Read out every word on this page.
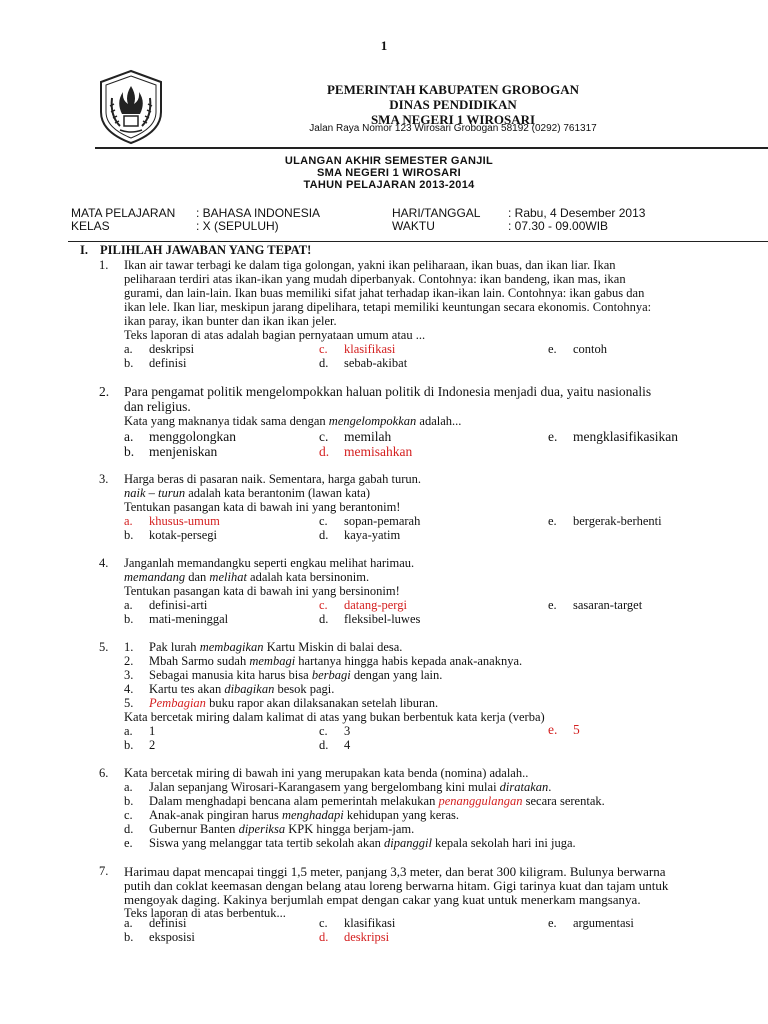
1
PEMERINTAH KABUPATEN GROBOGAN
DINAS PENDIDIKAN
SMA NEGERI 1 WIROSARI
Jalan Raya Nomor 123 Wirosari Grobogan 58192 (0292) 761317
ULANGAN AKHIR SEMESTER GANJIL
SMA NEGERI 1 WIROSARI
TAHUN PELAJARAN 2013-2014
MATA PELAJARAN : BAHASA INDONESIA	HARI/TANGGAL : Rabu, 4 Desember 2013
KELAS	: X (SEPULUH)	WAKTU	: 07.30 - 09.00WIB
I. PILIHLAH JAWABAN YANG TEPAT!
1. Ikan air tawar terbagi ke dalam tiga golongan, yakni ikan peliharaan, ikan buas, dan ikan liar. Ikan
peliharaan terdiri atas ikan-ikan yang mudah diperbanyak. Contohnya: ikan bandeng, ikan mas, ikan
gurami, dan lain-lain. Ikan buas memiliki sifat jahat terhadap ikan-ikan lain. Contohnya: ikan gabus dan
ikan lele. Ikan liar, meskipun jarang dipelihara, tetapi memiliki keuntungan secara ekonomis. Contohnya:
ikan paray, ikan bunter dan ikan ikan jeler.
Teks laporan di atas adalah bagian pernyataan umum atau ...
a. deskripsi	c. klasifikasi	e. contoh
b. definisi	d. sebab-akibat
2. Para pengamat politik mengelompokkan haluan politik di Indonesia menjadi dua, yaitu nasionalis
dan religius.
Kata yang maknanya tidak sama dengan mengelompokkan adalah...
a. menggolongkan	c. memilah	e. mengklasifikasikan
b. menjeniskan	d. memisahkan
3. Harga beras di pasaran naik. Sementara, harga gabah turun.
naik – turun adalah kata berantonim (lawan kata)
Tentukan pasangan kata di bawah ini yang berantonim!
a. khusus-umum	c. sopan-pemarah	e. bergerak-berhenti
b. kotak-persegi	d. kaya-yatim
4. Janganlah memandangku seperti engkau melihat harimau.
memandang dan melihat adalah kata bersinonim.
Tentukan pasangan kata di bawah ini yang bersinonim!
a. definisi-arti	c. datang-pergi	e. sasaran-target
b. mati-meninggal	d. fleksibel-luwes
5. 1. Pak lurah membagikan Kartu Miskin di balai desa.
2. Mbah Sarmo sudah membagi hartanya hingga habis kepada anak-anaknya.
3. Sebagai manusia kita harus bisa berbagi dengan yang lain.
4. Kartu tes akan dibagikan besok pagi.
5. Pembagian buku rapor akan dilaksanakan setelah liburan.
Kata bercetak miring dalam kalimat di atas yang bukan berbentuk kata kerja (verba)
a. 1	c. 3	e. 5
b. 2	d. 4
6. Kata bercetak miring di bawah ini yang merupakan kata benda (nomina) adalah..
a. Jalan sepanjang Wirosari-Karangasem yang bergelombang kini mulai diratakan.
b. Dalam menghadapi bencana alam pemerintah melakukan penanggulangan secara serentak.
c. Anak-anak pingiran harus menghadapi kehidupan yang keras.
d. Gubernur Banten diperiksa KPK hingga berjam-jam.
e. Siswa yang melanggar tata tertib sekolah akan dipanggil kepala sekolah hari ini juga.
7. Harimau dapat mencapai tinggi 1,5 meter, panjang 3,3 meter, dan berat 300 kiligram. Bulunya berwarna
putih dan coklat keemasan dengan belang atau loreng berwarna hitam. Gigi tarinya kuat dan tajam untuk
mengoyak daging. Kakinya berjumlah empat dengan cakar yang kuat untuk menerkam mangsanya.
Teks laporan di atas berbentuk...
a. definisi	c. klasifikasi	e. argumentasi
b. eksposisi	d. deskripsi
